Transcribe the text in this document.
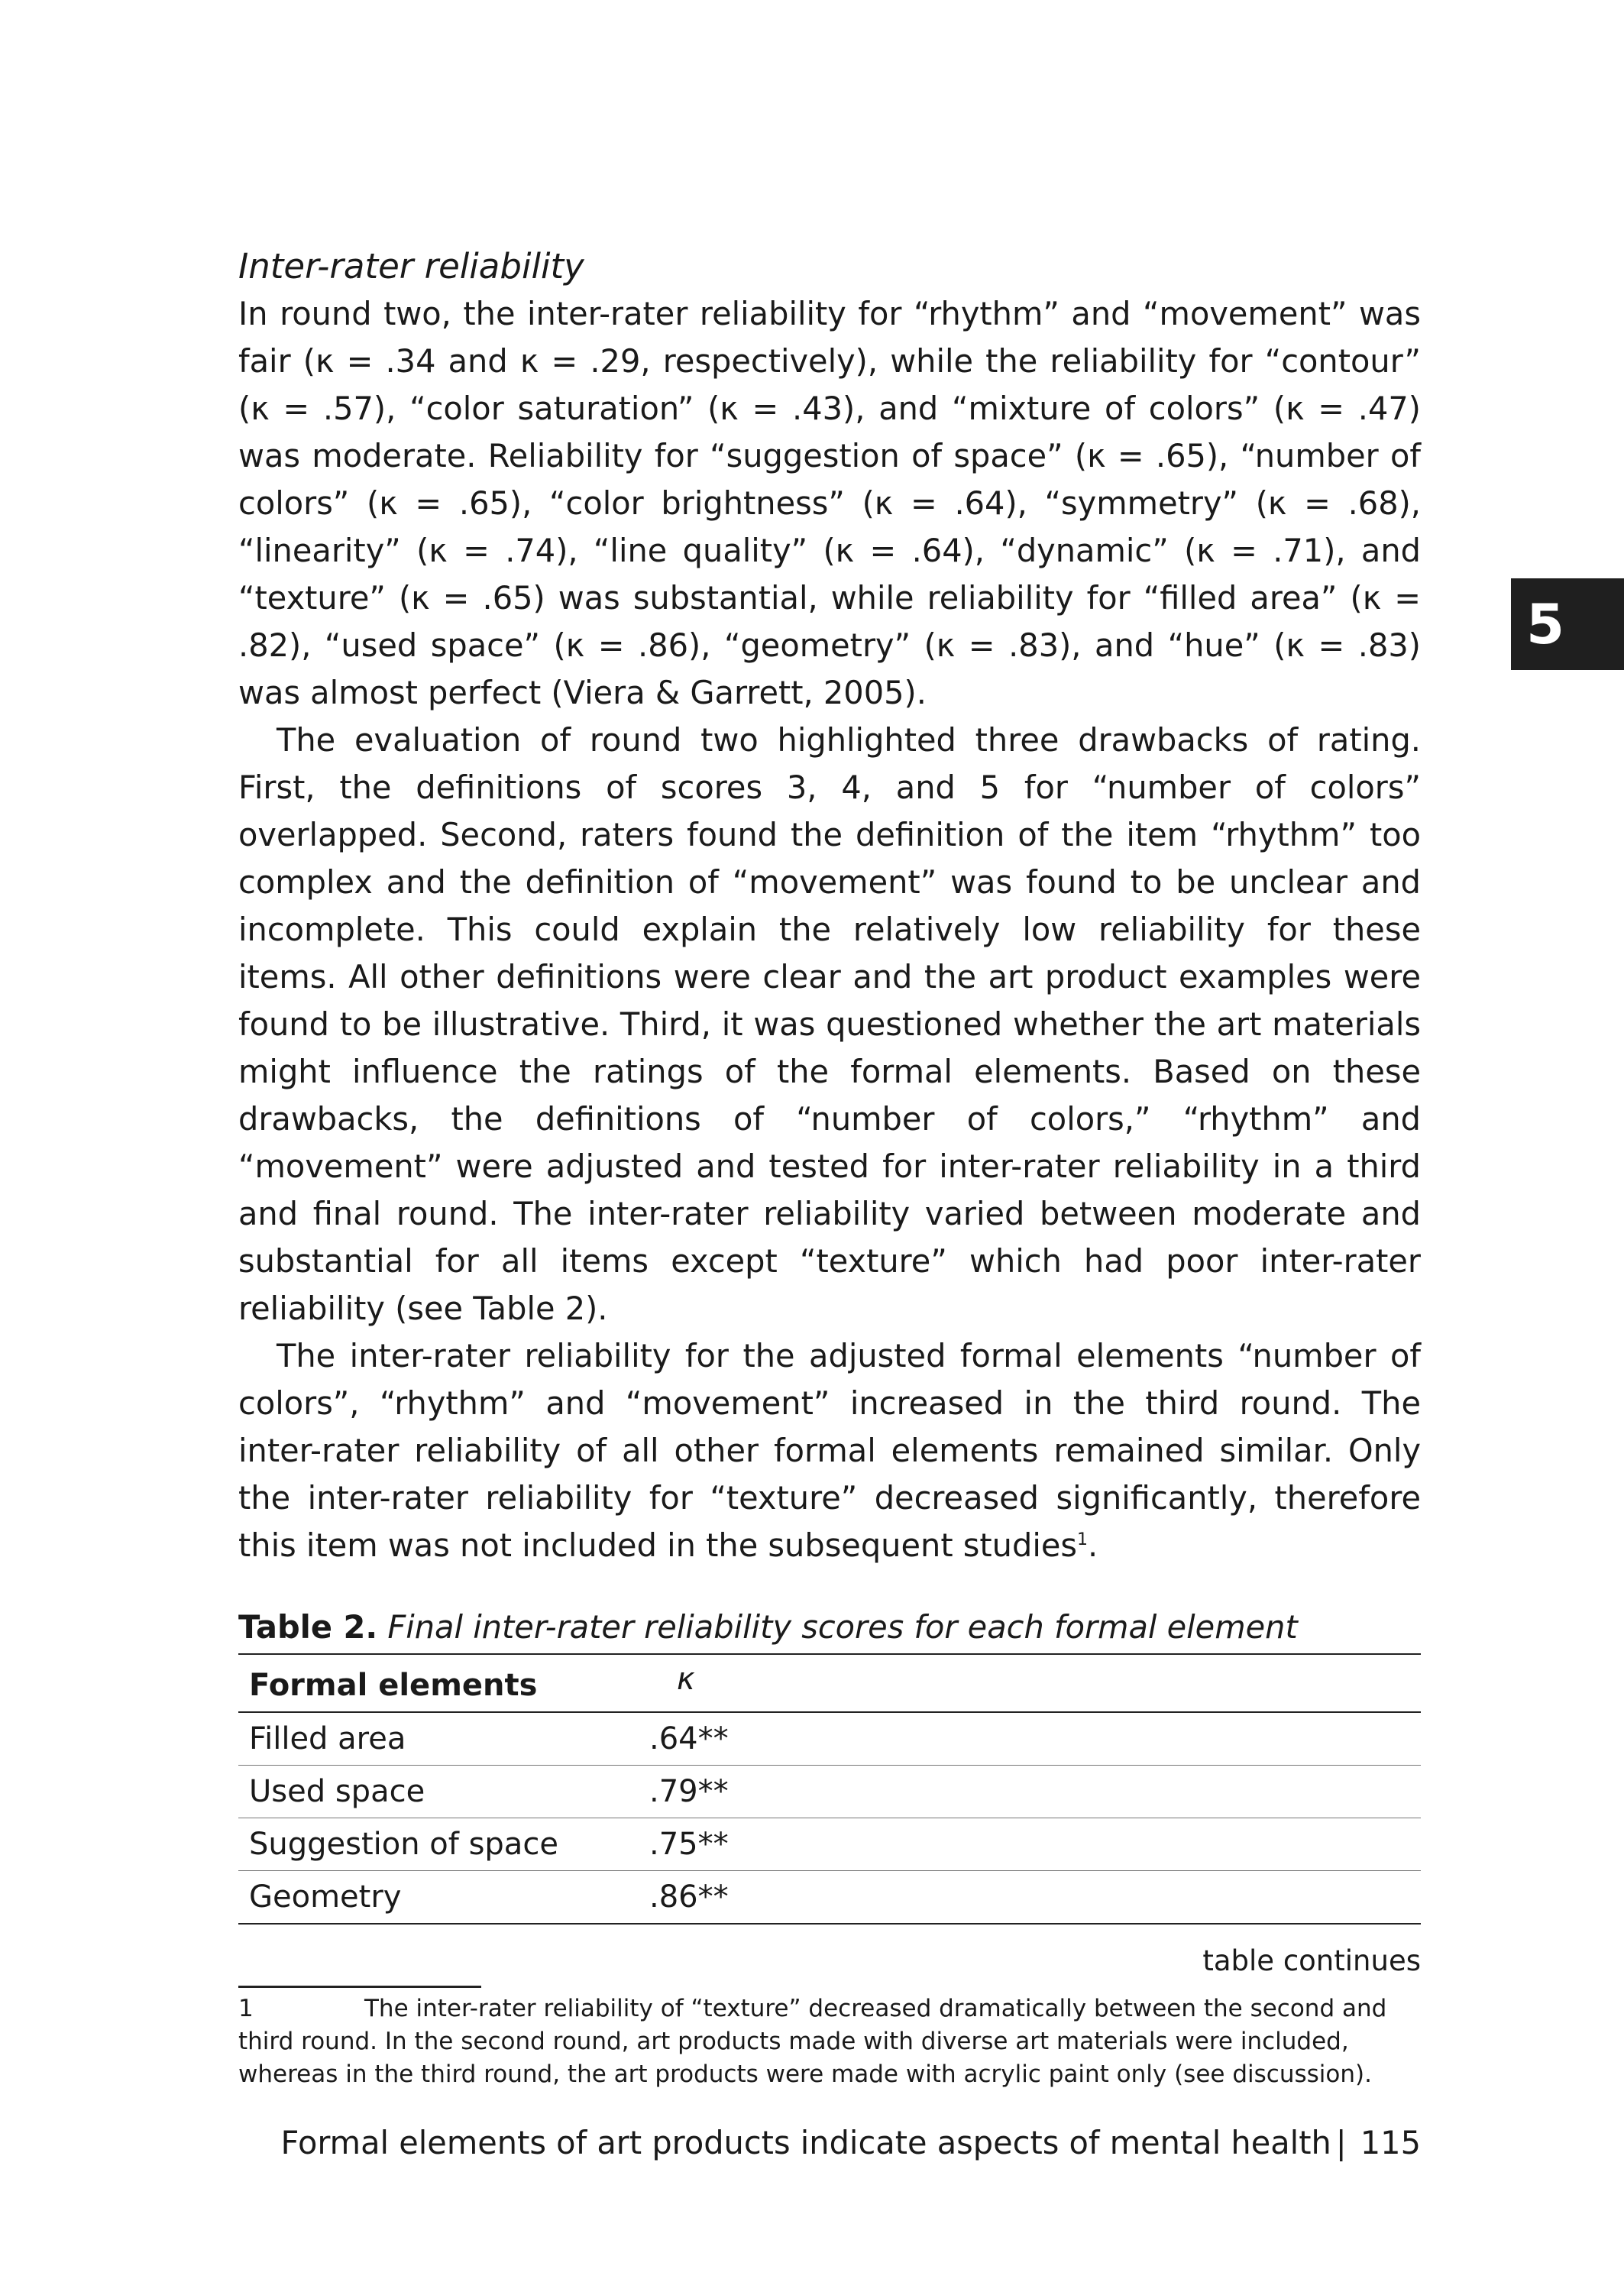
Inter-rater reliability

In round two, the inter-rater reliability for “rhythm” and “movement” was fair (κ = .34 and κ = .29, respectively), while the reliability for “contour” (κ = .57), “color saturation” (κ = .43), and “mixture of colors” (κ = .47) was moderate. Reliability for “suggestion of space” (κ = .65), “number of colors” (κ = .65), “color brightness” (κ = .64), “symmetry” (κ = .68), “linearity” (κ = .74), “line quality” (κ = .64), “dynamic” (κ = .71), and “texture” (κ = .65) was substantial, while reliability for “filled area” (κ = .82), “used space” (κ = .86), “geometry” (κ = .83), and “hue” (κ = .83) was almost perfect (Viera & Garrett, 2005).

The evaluation of round two highlighted three drawbacks of rating. First, the definitions of scores 3, 4, and 5 for “number of colors” overlapped. Second, raters found the definition of the item “rhythm” too complex and the definition of “movement” was found to be unclear and incomplete. This could explain the relatively low reliability for these items. All other definitions were clear and the art product examples were found to be illustrative. Third, it was questioned whether the art materials might influence the ratings of the formal elements. Based on these drawbacks, the definitions of “number of colors,” “rhythm” and “movement” were adjusted and tested for inter-rater reliability in a third and final round. The inter-rater reliability varied between moderate and substantial for all items except “texture” which had poor inter-rater reliability (see Table 2).

The inter-rater reliability for the adjusted formal elements “number of colors”, “rhythm” and “movement” increased in the third round. The inter-rater reliability of all other formal elements remained similar. Only the inter-rater reliability for “texture” decreased significantly, therefore this item was not included in the subsequent studies$^1$.

Table 2. Final inter-rater reliability scores for each formal element

Formal elements	κ
Filled area	.64**
Used space	.79**
Suggestion of space	.75**
Geometry	.86**
table continues
1	The inter-rater reliability of “texture” decreased dramatically between the second and third round. In the second round, art products made with diverse art materials were included, whereas in the third round, the art products were made with acrylic paint only (see discussion).
Formal elements of art products indicate aspects of mental health | 115
5
